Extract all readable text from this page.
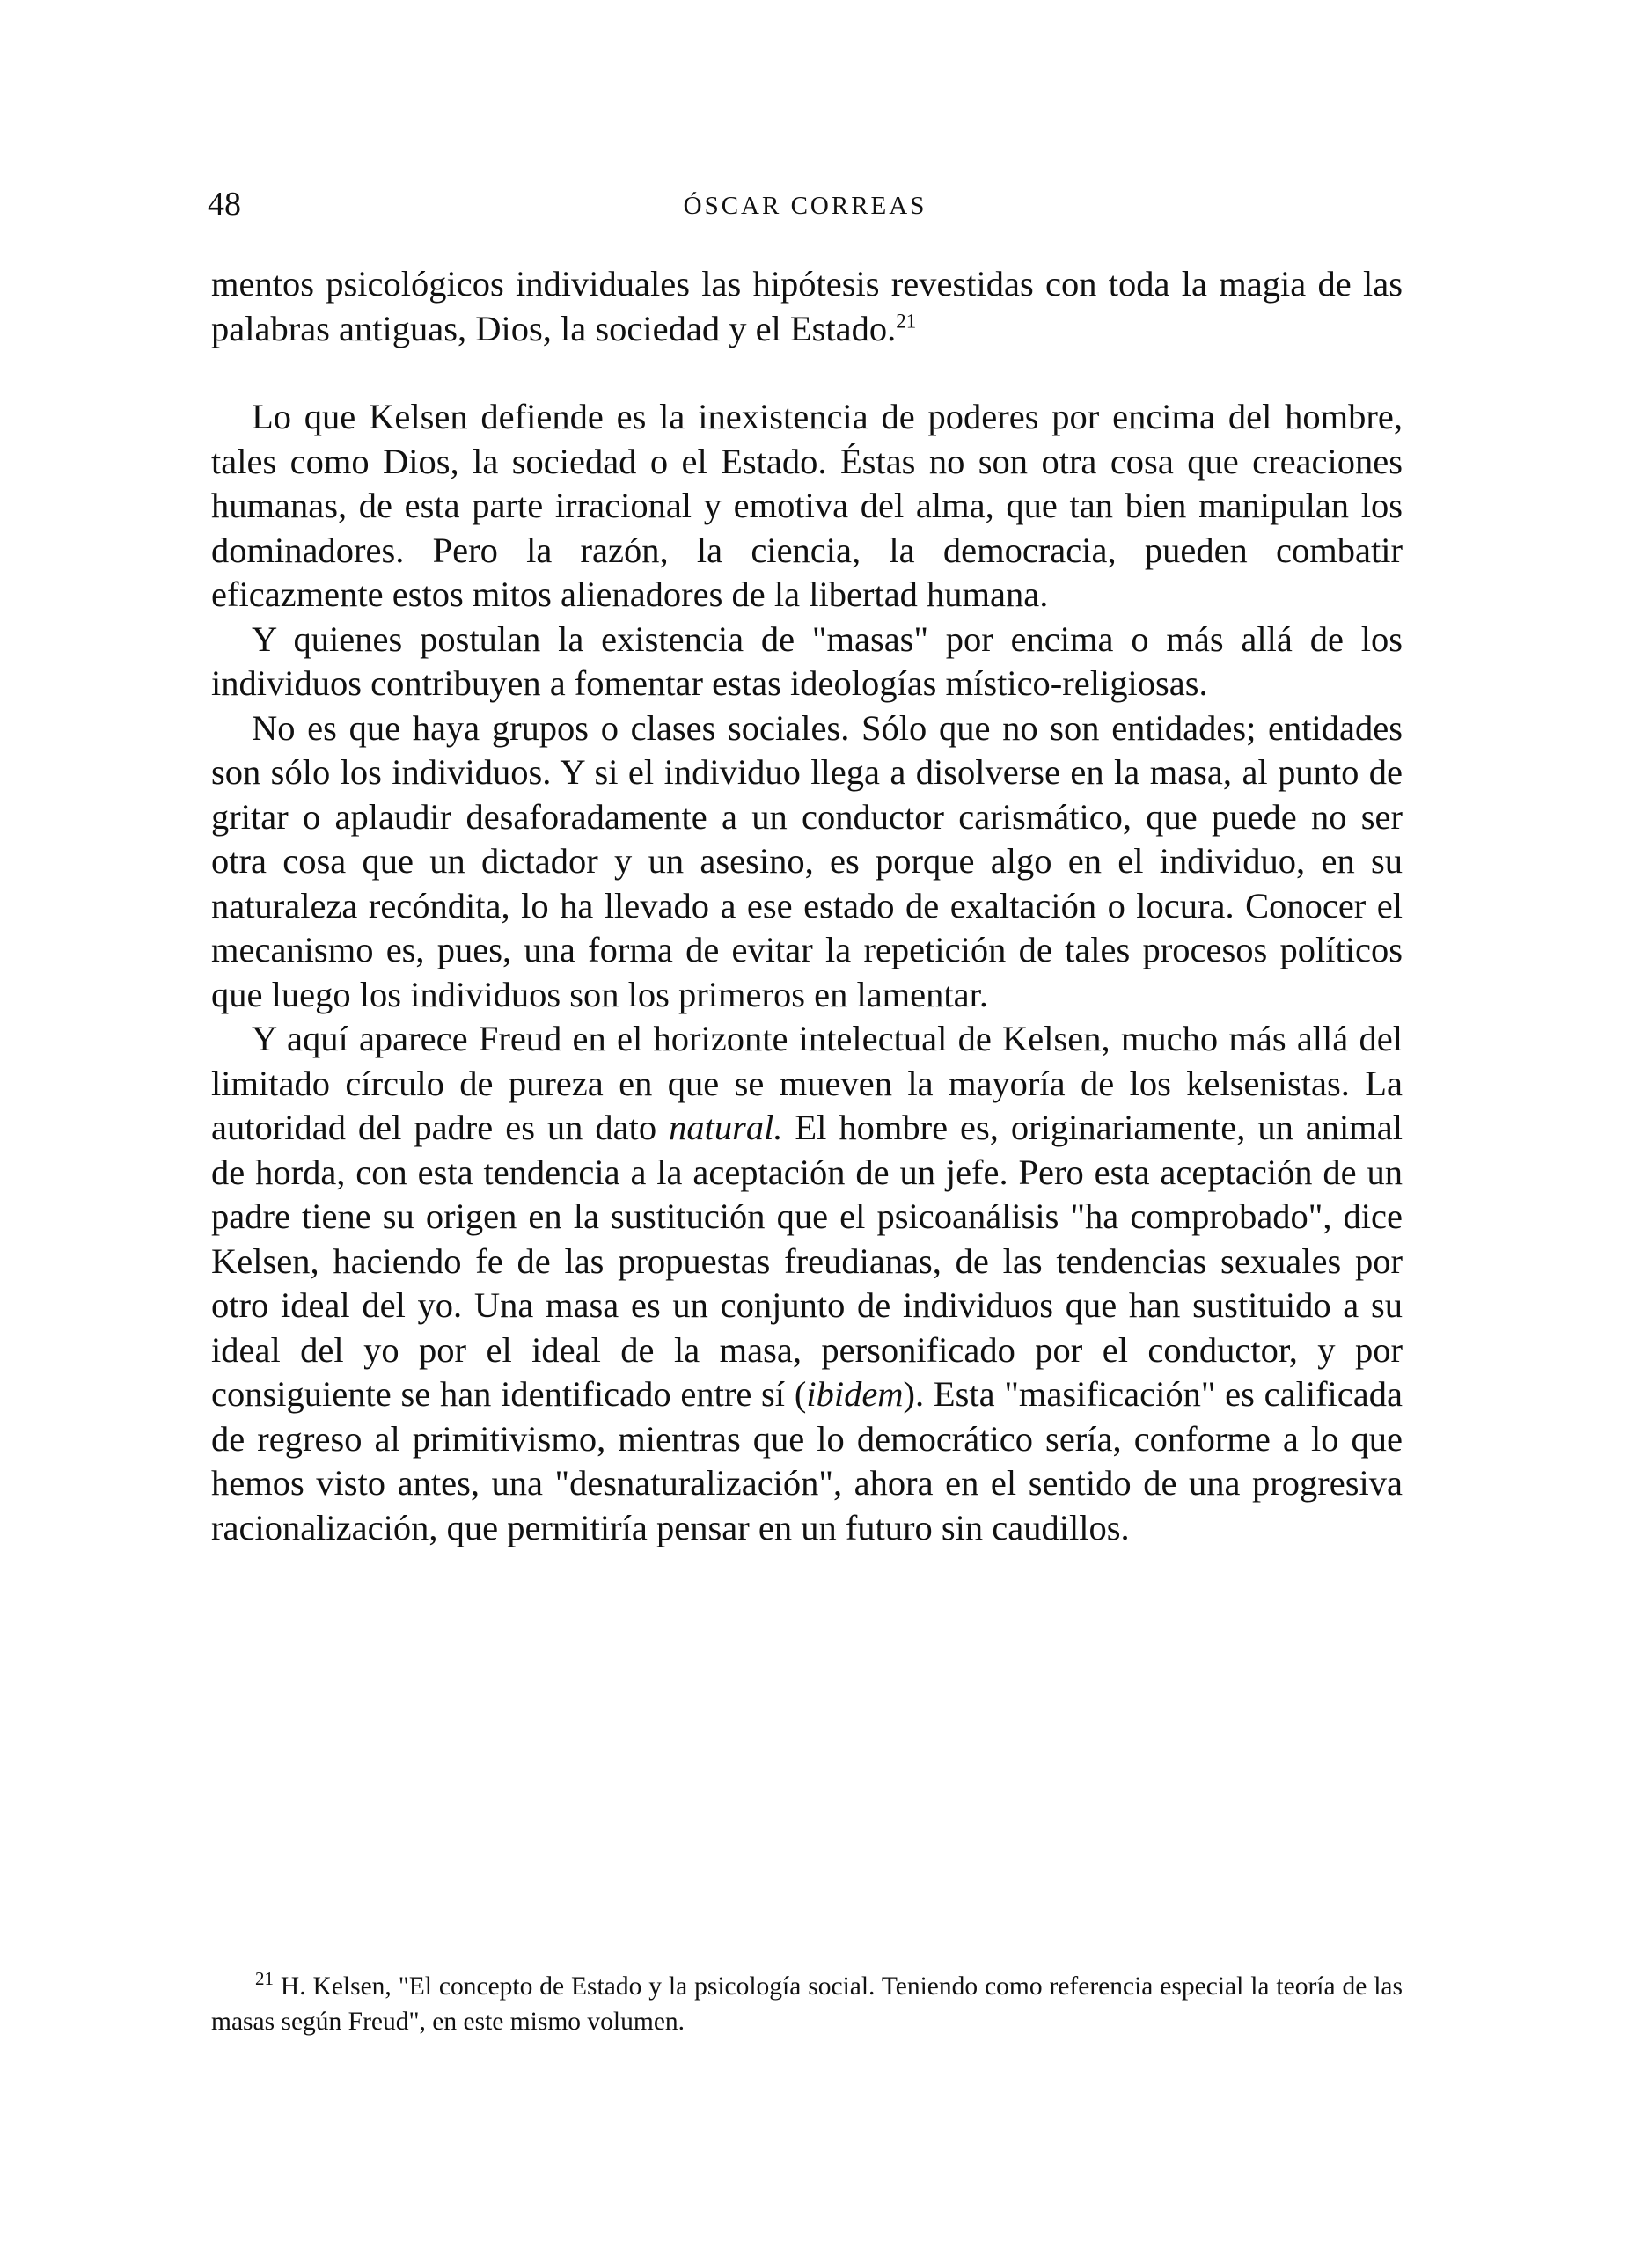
48	ÓSCAR CORREAS

mentos psicológicos individuales las hipótesis revestidas con toda la magia de las palabras antiguas, Dios, la sociedad y el Estado.$^{21}$

Lo que Kelsen defiende es la inexistencia de poderes por encima del hombre, tales como Dios, la sociedad o el Estado. Éstas no son otra cosa que creaciones humanas, de esta parte irracional y emotiva del alma, que tan bien manipulan los dominadores. Pero la razón, la ciencia, la democracia, pueden combatir eficazmente estos mitos alienadores de la libertad humana.

Y quienes postulan la existencia de "masas" por encima o más allá de los individuos contribuyen a fomentar estas ideologías místico-religiosas.

No es que haya grupos o clases sociales. Sólo que no son entidades; entidades son sólo los individuos. Y si el individuo llega a disolverse en la masa, al punto de gritar o aplaudir desaforadamente a un conductor carismático, que puede no ser otra cosa que un dictador y un asesino, es porque algo en el individuo, en su naturaleza recóndita, lo ha llevado a ese estado de exaltación o locura. Conocer el mecanismo es, pues, una forma de evitar la repetición de tales procesos políticos que luego los individuos son los primeros en lamentar.

Y aquí aparece Freud en el horizonte intelectual de Kelsen, mucho más allá del limitado círculo de pureza en que se mueven la mayoría de los kelsenistas. La autoridad del padre es un dato natural. El hombre es, originariamente, un animal de horda, con esta tendencia a la aceptación de un jefe. Pero esta aceptación de un padre tiene su origen en la sustitución que el psicoanálisis "ha comprobado", dice Kelsen, haciendo fe de las propuestas freudianas, de las tendencias sexuales por otro ideal del yo. Una masa es un conjunto de individuos que han sustituido a su ideal del yo por el ideal de la masa, personificado por el conductor, y por consiguiente se han identificado entre sí (ibidem). Esta "masificación" es calificada de regreso al primitivismo, mientras que lo democrático sería, conforme a lo que hemos visto antes, una "desnaturalización", ahora en el sentido de una progresiva racionalización, que permitiría pensar en un futuro sin caudillos.

$^{21}$ H. Kelsen, "El concepto de Estado y la psicología social. Teniendo como referencia especial la teoría de las masas según Freud", en este mismo volumen.
